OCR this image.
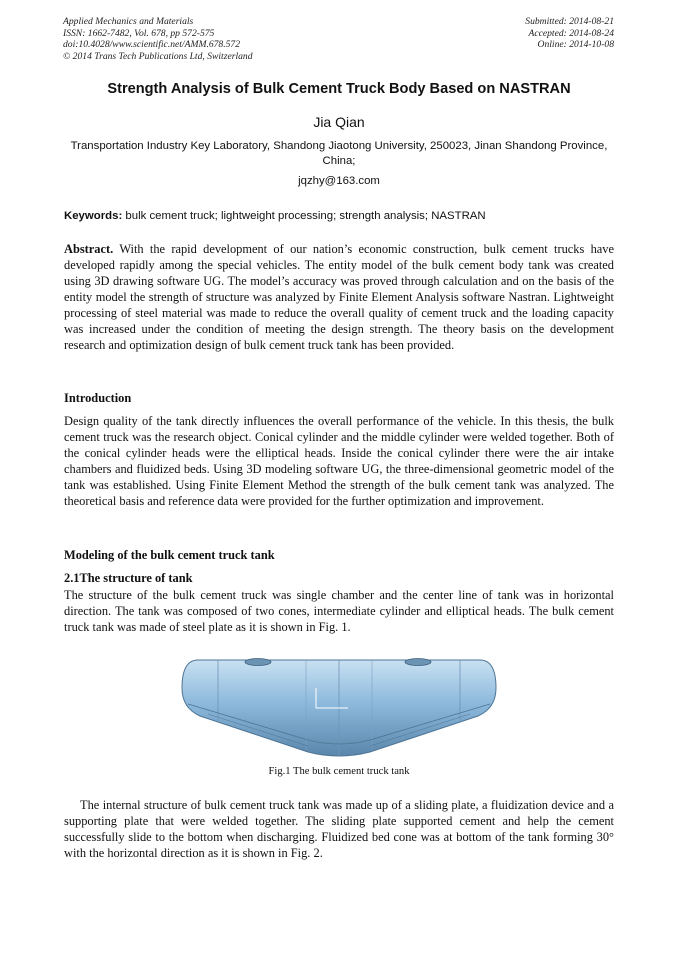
Applied Mechanics and Materials
ISSN: 1662-7482, Vol. 678, pp 572-575
doi:10.4028/www.scientific.net/AMM.678.572
© 2014 Trans Tech Publications Ltd, Switzerland
Submitted: 2014-08-21
Accepted: 2014-08-24
Online: 2014-10-08
Strength Analysis of Bulk Cement Truck Body Based on NASTRAN
Jia Qian
Transportation Industry Key Laboratory, Shandong Jiaotong University, 250023, Jinan Shandong Province, China;
jqzhy@163.com
Keywords: bulk cement truck; lightweight processing; strength analysis; NASTRAN
Abstract. With the rapid development of our nation’s economic construction, bulk cement trucks have developed rapidly among the special vehicles. The entity model of the bulk cement body tank was created using 3D drawing software UG. The model’s accuracy was proved through calculation and on the basis of the entity model the strength of structure was analyzed by Finite Element Analysis software Nastran. Lightweight processing of steel material was made to reduce the overall quality of cement truck and the loading capacity was increased under the condition of meeting the design strength. The theory basis on the development research and optimization design of bulk cement truck tank has been provided.
Introduction
Design quality of the tank directly influences the overall performance of the vehicle. In this thesis, the bulk cement truck was the research object. Conical cylinder and the middle cylinder were welded together. Both of the conical cylinder heads were the elliptical heads. Inside the conical cylinder there were the air intake chambers and fluidized beds. Using 3D modeling software UG, the three-dimensional geometric model of the tank was established. Using Finite Element Method the strength of the bulk cement tank was analyzed. The theoretical basis and reference data were provided for the further optimization and improvement.
Modeling of the bulk cement truck tank
2.1The structure of tank
The structure of the bulk cement truck was single chamber and the center line of tank was in horizontal direction. The tank was composed of two cones, intermediate cylinder and elliptical heads. The bulk cement truck tank was made of steel plate as it is shown in Fig. 1.
Fig.1 The bulk cement truck tank
The internal structure of bulk cement truck tank was made up of a sliding plate, a fluidization device and a supporting plate that were welded together. The sliding plate supported cement and help the cement successfully slide to the bottom when discharging. Fluidized bed cone was at bottom of the tank forming 30° with the horizontal direction as it is shown in Fig. 2.
